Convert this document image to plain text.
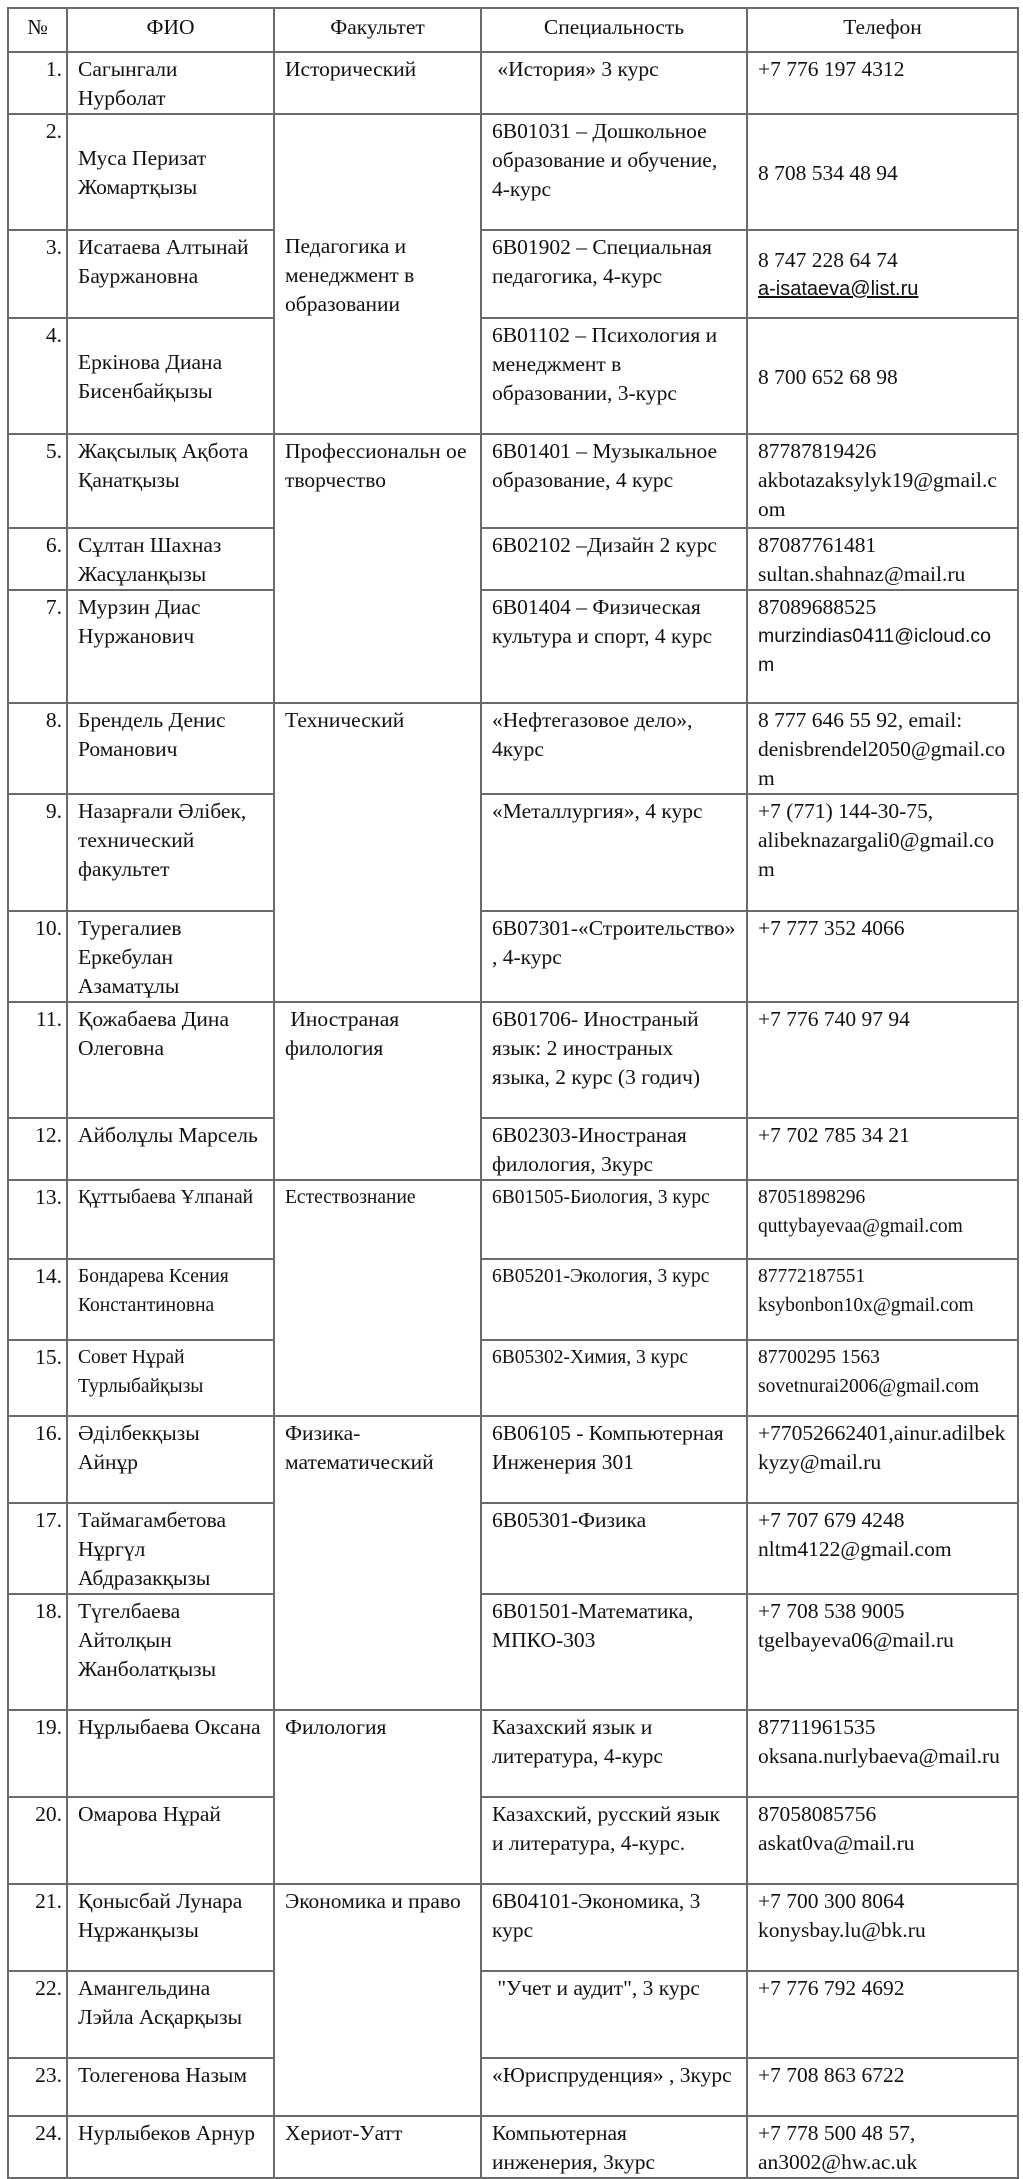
№	ФИО	Факультет	Специальность	Телефон
1.	Сагынгали Нурболат	Исторический	«История» 3 курс	+7 776 197 4312

2.	Муса Перизат Жомартқызы	Педагогика и менеджмент в образовании	6B01031 – Дошкольное образование и обучение, 4-курс	8 708 534 48 94

3.	Исатаева Алтынай Бауржановна		6B01902 – Специальная педагогика, 4-курс	8 747 228 64 74
a-isataeva@list.ru

4.	Еркiнова Диана Бисенбайқызы		6B01102 – Психология и менеджмент в образовании, 3-курс	8 700 652 68 98

5.	Жақсылық Ақбота Қанатқызы	Профессиональн ое творчество	6B01401 – Музыкальное образование, 4 курс	87787819426
akbotazaksylyk19@gmail.com

6.	Сұлтан Шахназ Жасұланқызы		6B02102 –Дизайн 2 курс	87087761481
sultan.shahnaz@mail.ru

7.	Мурзин Диас Нуржанович		6B01404 – Физическая культура и спорт, 4 курс	87089688525
murzindias0411@icloud.com

8.	Брендель Денис Романович	Технический	«Нефтегазовое дело», 4курс	8 777 646 55 92, email:
denisbrendel2050@gmail.com

9.	Назарғали Әлiбек, технический факультет		«Металлургия», 4 курс	+7 (771) 144-30-75,
alibeknazargali0@gmail.com

10.	Турегалиев Еркебулан Азаматұлы		6B07301-«Строительство», 4-курс	+7 777 352 4066

11.	Қожабаева Дина Олеговна	Иностраная филология	6B01706- Иностраный язык: 2 иностраных языка, 2 курс (3 годич)	+7 776 740 97 94

12.	Айболұлы Марсель		6B02303-Иностраная филология, 3курс	+7 702 785 34 21

13.	Құттыбаева Ұлпанай	Естествознание	6B01505-Биология, 3 курс	87051898296
quttybayevaa@gmail.com

14.	Бондарева Ксения Константиновна		6B05201-Экология, 3 курс	87772187551
ksybonbon10x@gmail.com

15.	Совет Нұрай Турлыбайқызы		6B05302-Химия, 3 курс	87700295 1563
sovetnurai2006@gmail.com

16.	Әдiлбекқызы Айнұр	Физика-математический	6B06105 - Компьютерная Инженерия 301	+77052662401,ainur.adilbekkyzy@mail.ru

17.	Таймагамбетова Нұргүл Абдразакқызы		6B05301-Физика	+7 707 679 4248
nltm4122@gmail.com

18.	Түгелбаева Айтолқын Жанболатқызы		6B01501-Математика, МПКО-303	+7 708 538 9005
tgelbayeva06@mail.ru

19.	Нұрлыбаева Оксана	Филология	Казахский язык и литература, 4-курс	87711961535
oksana.nurlybaeva@mail.ru

20.	Омарова Нұрай		Казахский, русский язык и литература, 4-курс.	87058085756
askat0va@mail.ru

21.	Қонысбай Лунара Нұржанқызы	Экономика и право	6B04101-Экономика, 3 курс	+7 700 300 8064
konysbay.lu@bk.ru

22.	Амангельдина Лэйла Асқарқызы		"Учет и аудит", 3 курс	+7 776 792 4692

23.	Толегенова Назым		«Юриспруденция» , 3курс	+7 708 863 6722

24.	Нурлыбеков Арнур	Хериот-Уатт	Компьютерная инженерия, 3курс	+7 778 500 48 57,
an3002@hw.ac.uk
